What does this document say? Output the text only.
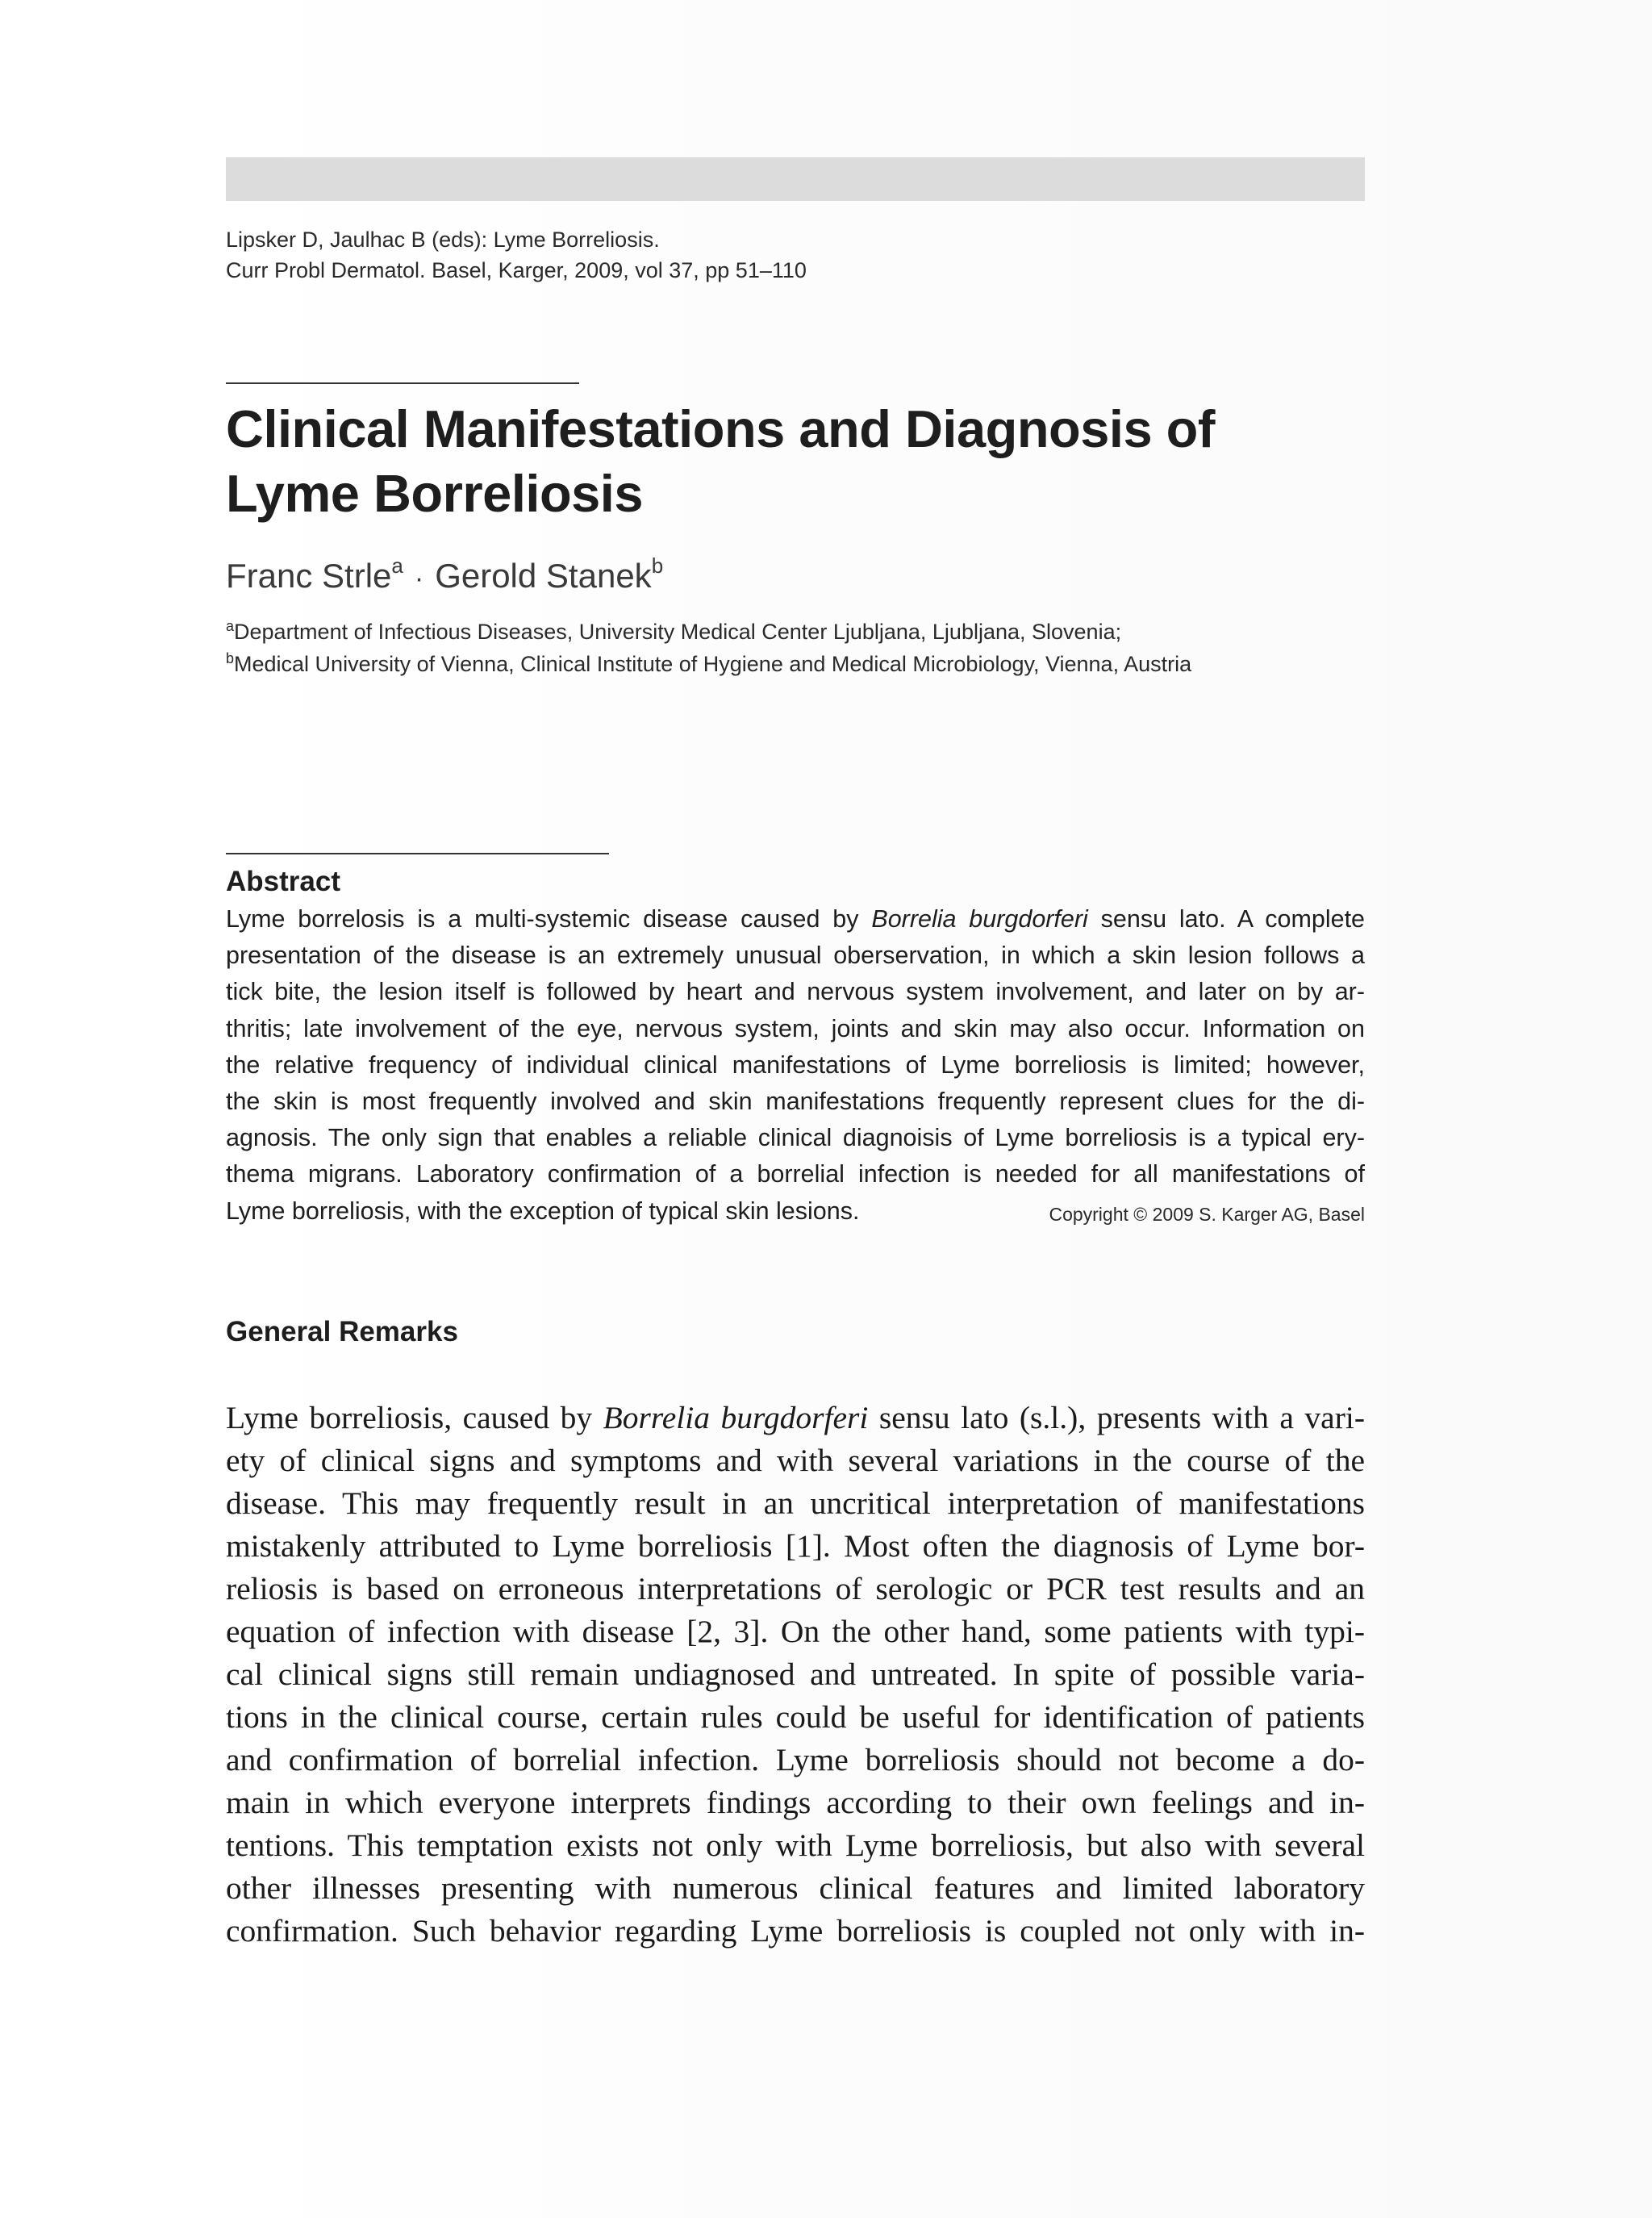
Lipsker D, Jaulhac B (eds): Lyme Borreliosis.
Curr Probl Dermatol. Basel, Karger, 2009, vol 37, pp 51–110
Clinical Manifestations and Diagnosis of
Lyme Borreliosis
Franc Strle$^a$ · Gerold Stanek$^b$
$^a$Department of Infectious Diseases, University Medical Center Ljubljana, Ljubljana, Slovenia;
$^b$Medical University of Vienna, Clinical Institute of Hygiene and Medical Microbiology, Vienna, Austria
Abstract
Lyme borrelosis is a multi-systemic disease caused by Borrelia burgdorferi sensu lato. A complete
presentation of the disease is an extremely unusual oberservation, in which a skin lesion follows a
tick bite, the lesion itself is followed by heart and nervous system involvement, and later on by ar-
thritis; late involvement of the eye, nervous system, joints and skin may also occur. Information on
the relative frequency of individual clinical manifestations of Lyme borreliosis is limited; however,
the skin is most frequently involved and skin manifestations frequently represent clues for the di-
agnosis. The only sign that enables a reliable clinical diagnoisis of Lyme borreliosis is a typical ery-
thema migrans. Laboratory confirmation of a borrelial infection is needed for all manifestations of
Lyme borreliosis, with the exception of typical skin lesions.	Copyright © 2009 S. Karger AG, Basel
General Remarks
Lyme borreliosis, caused by Borrelia burgdorferi sensu lato (s.l.), presents with a vari-
ety of clinical signs and symptoms and with several variations in the course of the
disease. This may frequently result in an uncritical interpretation of manifestations
mistakenly attributed to Lyme borreliosis [1]. Most often the diagnosis of Lyme bor-
reliosis is based on erroneous interpretations of serologic or PCR test results and an
equation of infection with disease [2, 3]. On the other hand, some patients with typi-
cal clinical signs still remain undiagnosed and untreated. In spite of possible varia-
tions in the clinical course, certain rules could be useful for identification of patients
and confirmation of borrelial infection. Lyme borreliosis should not become a do-
main in which everyone interprets findings according to their own feelings and in-
tentions. This temptation exists not only with Lyme borreliosis, but also with several
other illnesses presenting with numerous clinical features and limited laboratory
confirmation. Such behavior regarding Lyme borreliosis is coupled not only with in-
